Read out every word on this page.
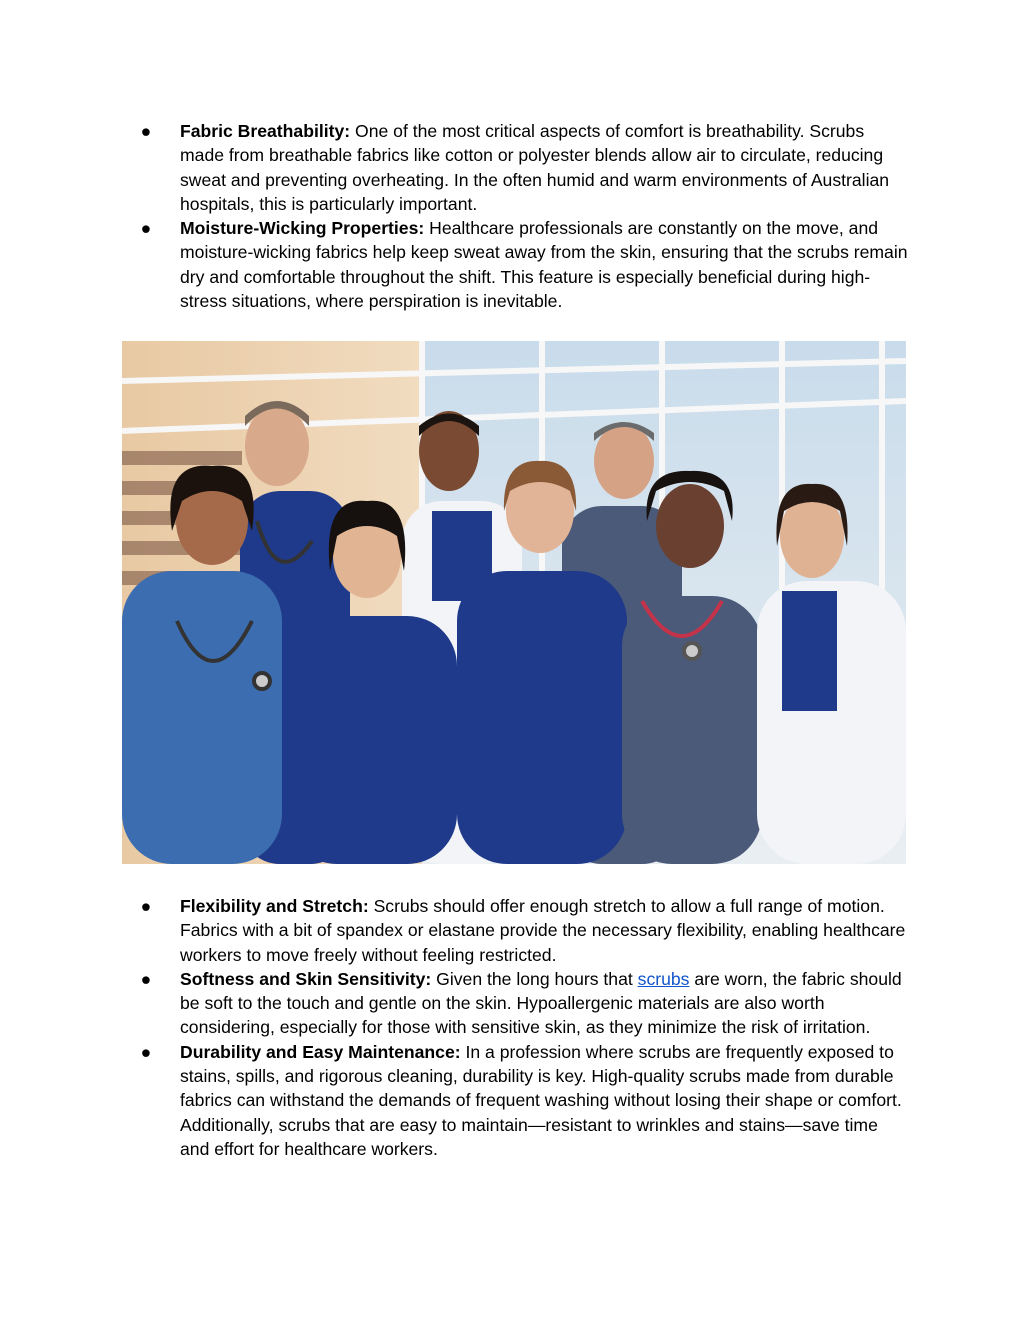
● Fabric Breathability: One of the most critical aspects of comfort is breathability. Scrubs made from breathable fabrics like cotton or polyester blends allow air to circulate, reducing sweat and preventing overheating. In the often humid and warm environments of Australian hospitals, this is particularly important.
● Moisture-Wicking Properties: Healthcare professionals are constantly on the move, and moisture-wicking fabrics help keep sweat away from the skin, ensuring that the scrubs remain dry and comfortable throughout the shift. This feature is especially beneficial during high-stress situations, where perspiration is inevitable.
● Flexibility and Stretch: Scrubs should offer enough stretch to allow a full range of motion. Fabrics with a bit of spandex or elastane provide the necessary flexibility, enabling healthcare workers to move freely without feeling restricted.
● Softness and Skin Sensitivity: Given the long hours that scrubs are worn, the fabric should be soft to the touch and gentle on the skin. Hypoallergenic materials are also worth considering, especially for those with sensitive skin, as they minimize the risk of irritation.
● Durability and Easy Maintenance: In a profession where scrubs are frequently exposed to stains, spills, and rigorous cleaning, durability is key. High-quality scrubs made from durable fabrics can withstand the demands of frequent washing without losing their shape or comfort. Additionally, scrubs that are easy to maintain—resistant to wrinkles and stains—save time and effort for healthcare workers.
